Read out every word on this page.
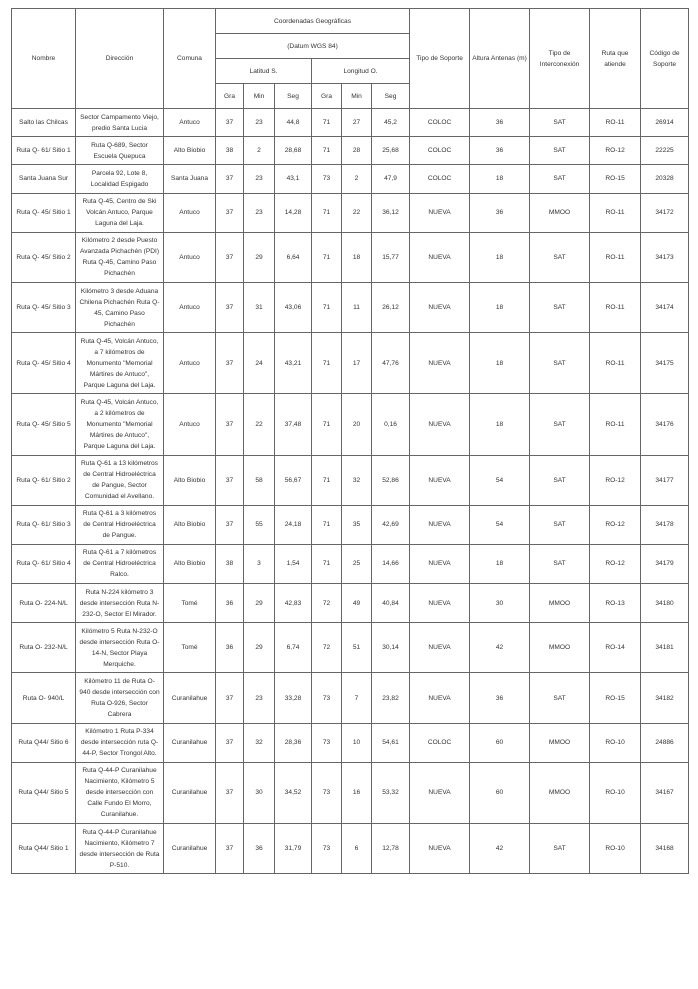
Nombre	Dirección	Comuna	Coordenadas Geográficas						Tipo de Soporte	Altura Antenas (m)	Tipo de Interconexión	Ruta que atiende	Código de Soporte
			(Datum WGS 84)										
			Latitud S.			Longitud O.							
			Gra	Min	Seg	Gra	Min	Seg					
Salto las Chilcas	Sector Campamento Viejo, predio Santa Lucia	Antuco	37	23	44,8	71	27	45,2	COLOC	36	SAT	RO-11	26914
Ruta Q- 61/ Sitio 1	Ruta Q-689, Sector Escuela Quepuca	Alto Biobio	38	2	28,68	71	28	25,68	COLOC	36	SAT	RO-12	22225
Santa Juana Sur	Parcela 92, Lote 8, Localidad Espigado	Santa Juana	37	23	43,1	73	2	47,9	COLOC	18	SAT	RO-15	20328
Ruta Q- 45/ Sitio 1	Ruta Q-45, Centro de Ski Volcán Antuco, Parque Laguna del Laja.	Antuco	37	23	14,28	71	22	36,12	NUEVA	36	MMOO	RO-11	34172
Ruta Q- 45/ Sitio 2	Kilómetro 2 desde Puesto Avanzada Pichachén (PDI) Ruta Q-45, Camino Paso Pichachén	Antuco	37	29	6,64	71	18	15,77	NUEVA	18	SAT	RO-11	34173
Ruta Q- 45/ Sitio 3	Kilómetro 3 desde Aduana Chilena Pichachén Ruta Q- 45, Camino Paso Pichachén	Antuco	37	31	43,06	71	11	26,12	NUEVA	18	SAT	RO-11	34174
Ruta Q- 45/ Sitio 4	Ruta Q-45, Volcán Antuco, a 7 kilómetros de Monumento "Memorial Mártires de Antuco", Parque Laguna del Laja.	Antuco	37	24	43,21	71	17	47,76	NUEVA	18	SAT	RO-11	34175
Ruta Q- 45/ Sitio 5	Ruta Q-45, Volcán Antuco, a 2 kilómetros de Monumento "Memorial Mártires de Antuco", Parque Laguna del Laja.	Antuco	37	22	37,48	71	20	0,16	NUEVA	18	SAT	RO-11	34176
Ruta Q- 61/ Sitio 2	Ruta Q-61 a 13 kilómetros de Central Hidroeléctrica de Pangue, Sector Comunidad el Avellano.	Alto Biobio	37	58	56,67	71	32	52,86	NUEVA	54	SAT	RO-12	34177
Ruta Q- 61/ Sitio 3	Ruta Q-61 a 3 kilómetros de Central Hidroeléctrica de Pangue.	Alto Biobio	37	55	24,18	71	35	42,69	NUEVA	54	SAT	RO-12	34178
Ruta Q- 61/ Sitio 4	Ruta Q-61 a 7 kilómetros de Central Hidroeléctrica Ralco.	Alto Biobio	38	3	1,54	71	25	14,66	NUEVA	18	SAT	RO-12	34179
Ruta O- 224-N/L	Ruta N-224 kilómetro 3 desde intersección Ruta N- 232-O, Sector El Mirador.	Tomé	36	29	42,83	72	49	40,84	NUEVA	30	MMOO	RO-13	34180
Ruta O- 232-N/L	Kilómetro 5 Ruta N-232-O desde intersección Ruta O- 14-N, Sector Playa Merquiche.	Tomé	36	29	6,74	72	51	30,14	NUEVA	42	MMOO	RO-14	34181
Ruta O- 940/L	Kilómetro 11 de Ruta O-940 desde intersección con Ruta O-926, Sector Cabrera	Curanilahue	37	23	33,28	73	7	23,82	NUEVA	36	SAT	RO-15	34182
Ruta Q44/ Sitio 6	Kilómetro 1 Ruta P-334 desde intersección ruta Q-44-P, Sector Trongol Alto.	Curanilahue	37	32	28,36	73	10	54,61	COLOC	60	MMOO	RO-10	24886
Ruta Q44/ Sitio 5	Ruta Q-44-P Curanilahue Nacimiento, Kilómetro 5 desde intersección con Calle Fundo El Morro, Curanilahue.	Curanilahue	37	30	34,52	73	16	53,32	NUEVA	60	MMOO	RO-10	34167
Ruta Q44/ Sitio 1	Ruta Q-44-P Curanilahue Nacimiento, Kilómetro 7 desde intersección de Ruta P-510.	Curanilahue	37	36	31,79	73	6	12,78	NUEVA	42	SAT	RO-10	34168
